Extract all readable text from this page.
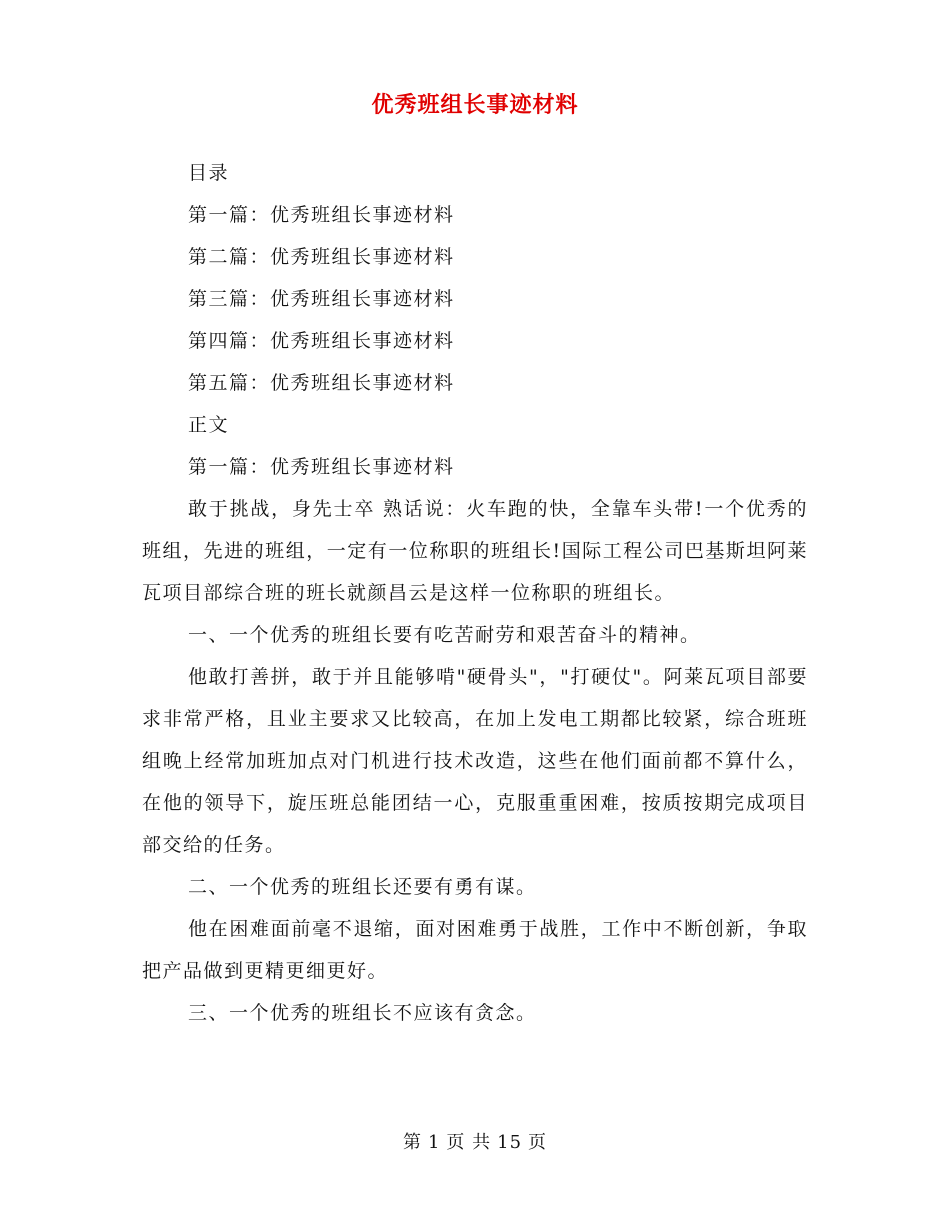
优秀班组长事迹材料
目录
第一篇：优秀班组长事迹材料
第二篇：优秀班组长事迹材料
第三篇：优秀班组长事迹材料
第四篇：优秀班组长事迹材料
第五篇：优秀班组长事迹材料
正文
第一篇：优秀班组长事迹材料

敢于挑战，身先士卒 熟话说：火车跑的快，全靠车头带!一个优秀的班组，先进的班组，一定有一位称职的班组长!国际工程公司巴基斯坦阿莱瓦项目部综合班的班长就颜昌云是这样一位称职的班组长。

一、一个优秀的班组长要有吃苦耐劳和艰苦奋斗的精神。

他敢打善拼，敢于并且能够啃"硬骨头"，"打硬仗"。阿莱瓦项目部要求非常严格，且业主要求又比较高，在加上发电工期都比较紧，综合班班组晚上经常加班加点对门机进行技术改造，这些在他们面前都不算什么，在他的领导下，旋压班总能团结一心，克服重重困难，按质按期完成项目部交给的任务。

二、一个优秀的班组长还要有勇有谋。

他在困难面前毫不退缩，面对困难勇于战胜，工作中不断创新，争取把产品做到更精更细更好。

三、一个优秀的班组长不应该有贪念。

第 1 页 共 15 页
